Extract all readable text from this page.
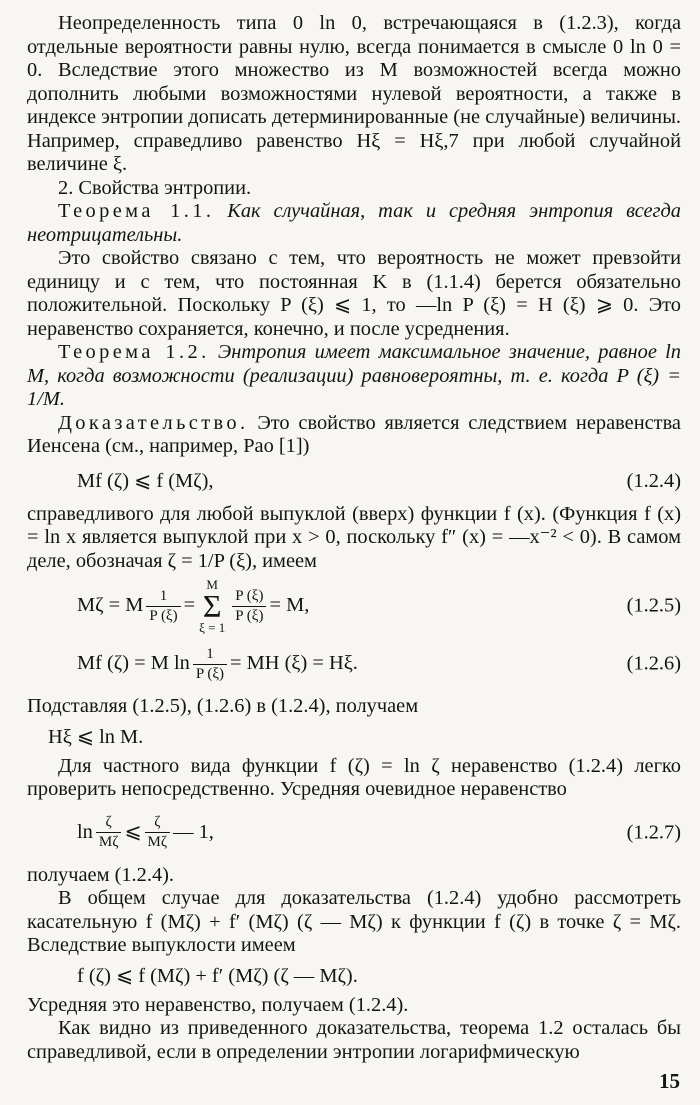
Неопределенность типа 0 ln 0, встречающаяся в (1.2.3), когда отдельные вероятности равны нулю, всегда понимается в смысле 0 ln 0 = 0. Вследствие этого множество из M возможностей всегда можно дополнить любыми возможностями нулевой вероятности, а также в индексе энтропии дописать детерминированные (не случайные) величины. Например, справедливо равенство Hξ = Hξ,7 при любой случайной величине ξ.

2. Свойства энтропии.

Теорема 1.1. Как случайная, так и средняя энтропия всегда неотрицательны.

Это свойство связано с тем, что вероятность не может превзойти единицу и с тем, что постоянная K в (1.1.4) берется обязательно положительной. Поскольку P (ξ) ⩽ 1, то —ln P (ξ) = H (ξ) ⩾ 0. Это неравенство сохраняется, конечно, и после усреднения.

Теорема 1.2. Энтропия имеет максимальное значение, равное ln M, когда возможности (реализации) равновероятны, т. е. когда P (ξ) = 1/M.

Доказательство. Это свойство является следствием неравенства Иенсена (см., например, Рао [1])

Mf (ζ) ⩽ f (Mζ),	(1.2.4)

справедливого для любой выпуклой (вверх) функции f (x). (Функция f (x) = ln x является выпуклой при x > 0, поскольку f″ (x) = —x⁻² < 0). В самом деле, обозначая ζ = 1/P (ξ), имеем

Mζ = M $\frac{1}{P (\xi)}$ =
M
Σ
ξ = 1
$\frac{P (\xi)}{P (\xi)} = M$,	(1.2.5)
Mf (ζ) = M $\ln \frac{1}{P (\xi)}$ = MH (ξ) = Hξ.	(1.2.6)

Подставляя (1.2.5), (1.2.6) в (1.2.4), получаем

Hξ ⩽ ln M.

Для частного вида функции f (ζ) = ln ζ неравенство (1.2.4) легко проверить непосредственно. Усредняя очевидное неравенство

$\ln \frac{\zeta}{M\zeta}$ ⩽ $\frac{\zeta}{M\zeta}$ — 1,	(1.2.7)

получаем (1.2.4).

В общем случае для доказательства (1.2.4) удобно рассмотреть касательную f (Mζ) + f′ (Mζ) (ζ — Mζ) к функции f (ζ) в точке ζ = Mζ. Вследствие выпуклости имеем

f (ζ) ⩽ f (Mζ) + f′ (Mζ) (ζ — Mζ).

Усредняя это неравенство, получаем (1.2.4).

Как видно из приведенного доказательства, теорема 1.2 осталась бы справедливой, если в определении энтропии логарифмическую

15
